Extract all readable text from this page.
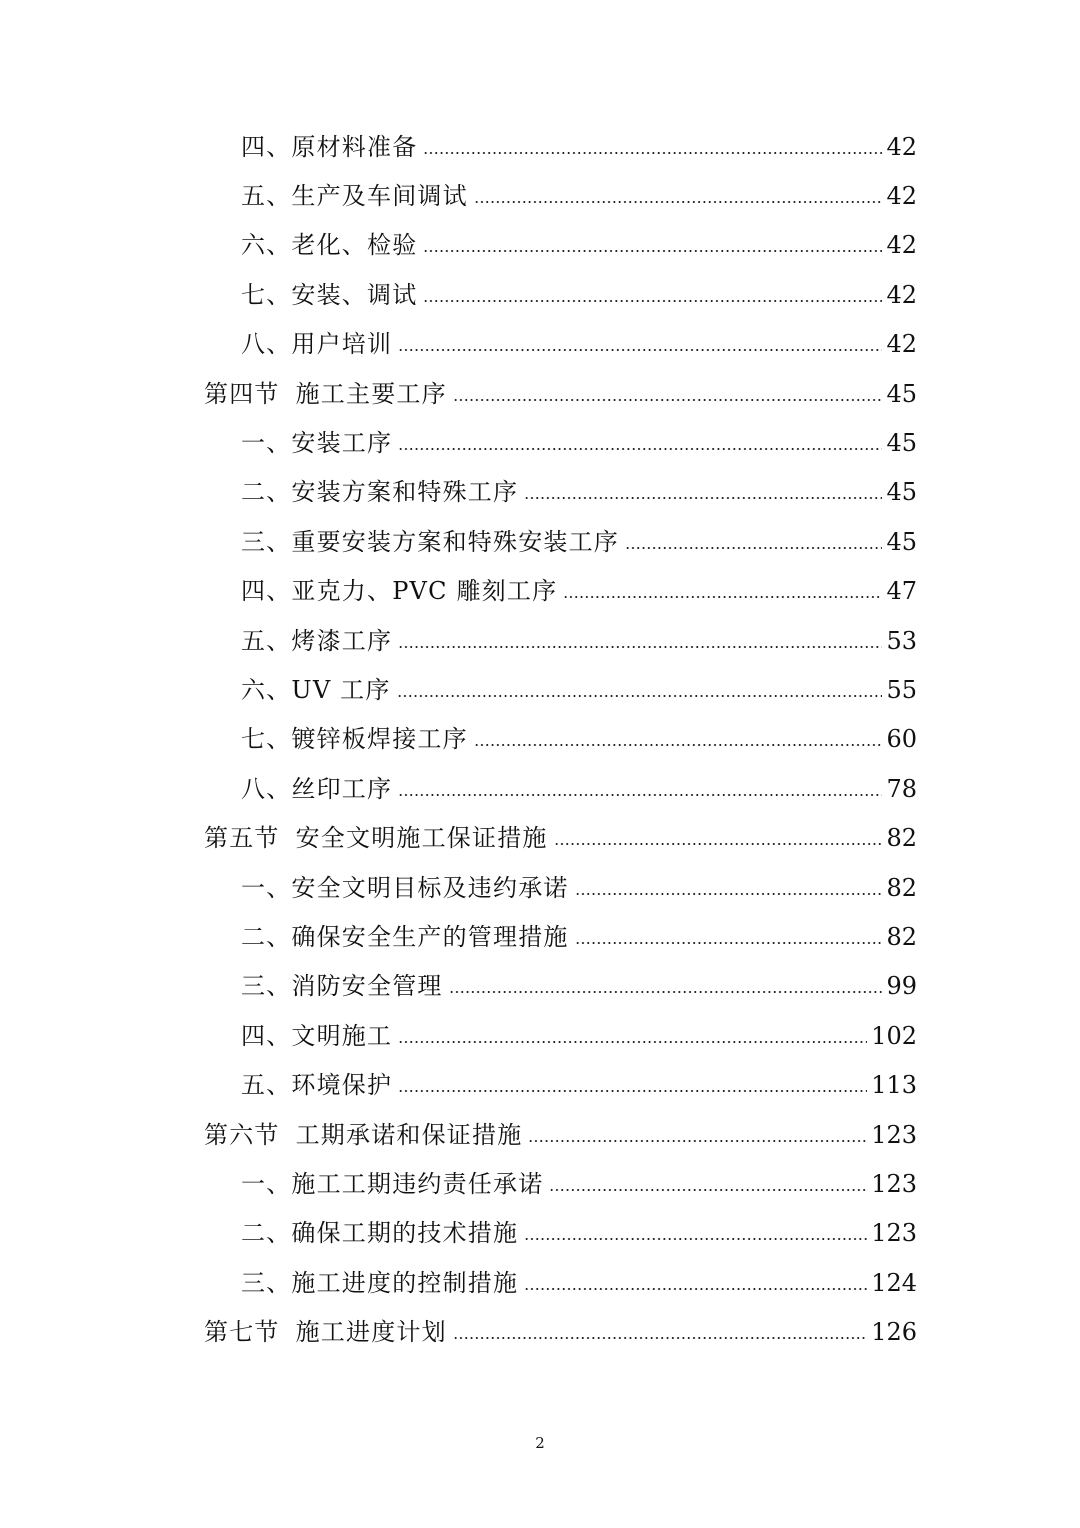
四、原材料准备	42
五、生产及车间调试	42
六、老化、检验	42
七、安装、调试	42
八、用户培训	42
第四节 施工主要工序	45
一、安装工序	45
二、安装方案和特殊工序	45
三、重要安装方案和特殊安装工序	45
四、亚克力、PVC 雕刻工序	47
五、烤漆工序	53
六、UV 工序	55
七、镀锌板焊接工序	60
八、丝印工序	78
第五节 安全文明施工保证措施	82
一、安全文明目标及违约承诺	82
二、确保安全生产的管理措施	82
三、消防安全管理	99
四、文明施工	102
五、环境保护	113
第六节 工期承诺和保证措施	123
一、施工工期违约责任承诺	123
二、确保工期的技术措施	123
三、施工进度的控制措施	124
第七节 施工进度计划	126
2
